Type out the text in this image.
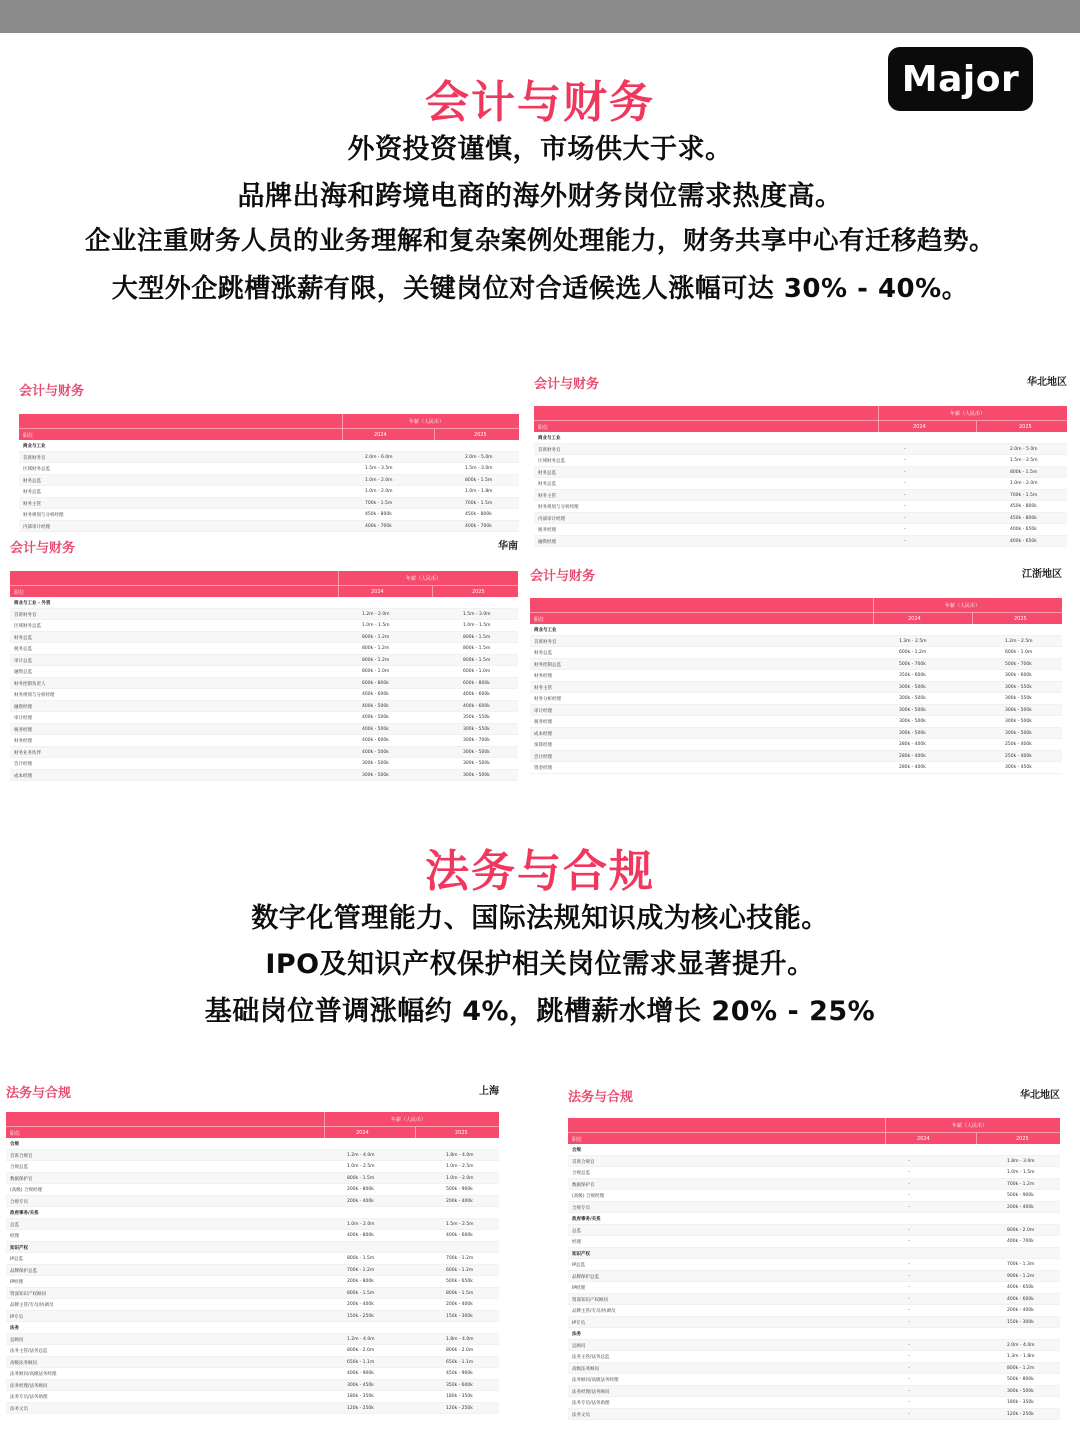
Major
会计与财务
外资投资谨慎，市场供大于求。
品牌出海和跨境电商的海外财务岗位需求热度高。
企业注重财务人员的业务理解和复杂案例处理能力，财务共享中心有迁移趋势。
大型外企跳槽涨薪有限，关键岗位对合适候选人涨幅可达 30% - 40%。
法务与合规
数字化管理能力、国际法规知识成为核心技能。
IPO及知识产权保护相关岗位需求显著提升。
基础岗位普调涨幅约 4%，跳槽薪水增长 20% - 25%
会计与财务
年薪（人民币）
职位	2024	2025
商业与工业
首席财务官	2.0m - 6.0m	2.0m - 5.0m
区域财务总监	1.5m - 3.5m	1.5m - 3.0m
财务总监	1.0m - 2.0m	800k - 1.5m
财务总监	1.0m - 2.0m	1.0m - 1.8m
财务主管	700k - 1.5m	700k - 1.5m
财务规划与分析经理	450k - 800k	450k - 800k
内部审计经理	400k - 700k	400k - 700k
会计与财务	华北地区
年薪（人民币）
职位	2024	2025
商业与工业
首席财务官	-	2.0m - 5.0m
区域财务总监	-	1.5m - 2.5m
财务总监	-	800k - 1.5m
财务总监	-	1.0m - 2.0m
财务主管	-	700k - 1.5m
财务规划与分析经理	-	450k - 800k
内部审计经理	-	450k - 800k
税务经理	-	400k - 650k
融资经理	-	400k - 650k
会计与财务	华南
年薪（人民币）
职位	2024	2025
商业与工业 - 外资
首席财务官	1.2m - 2.0m	1.5m - 3.0m
区域财务总监	1.0m - 1.5m	1.0m - 1.5m
财务总监	800k - 1.2m	800k - 1.5m
税务总监	800k - 1.2m	800k - 1.5m
审计总监	800k - 1.2m	800k - 1.5m
融资总监	800k - 1.0m	600k - 1.0m
财务控制负责人	600k - 800k	600k - 800k
财务规划与分析经理	400k - 600k	400k - 600k
融资经理	400k - 500k	400k - 600k
审计经理	400k - 500k	350k - 550k
税务经理	400k - 500k	300k - 550k
财务经理	400k - 600k	300k - 700k
财务业务伙伴	400k - 500k	300k - 500k
会计经理	300k - 500k	300k - 500k
成本经理	300k - 500k	300k - 500k
会计与财务	江浙地区
年薪（人民币）
职位	2024	2025
商业与工业
首席财务官	1.3m - 2.5m	1.2m - 2.5m
财务总监	600k - 1.2m	600k - 1.0m
财务控制总监	500k - 700k	500k - 700k
财务经理	350k - 600k	300k - 600k
财务主管	300k - 500k	300k - 550k
财务分析经理	300k - 500k	300k - 550k
审计经理	300k - 500k	300k - 500k
税务经理	300k - 500k	300k - 500k
成本经理	300k - 500k	300k - 500k
预算经理	280k - 400k	250k - 400k
会计经理	280k - 400k	250k - 400k
资金经理	280k - 400k	300k - 450k
法务与合规	上海
年薪（人民币）
职位	2024	2025
合规
首席合规官	1.2m - 4.0m	1.8m - 4.0m
合规总监	1.0m - 2.5m	1.0m - 2.5m
数据保护官	800k - 1.5m	1.0m - 2.0m
(高级) 合规经理	200k - 800k	500k - 900k
合规专员	200k - 400k	200k - 400k
政府事务/关系
总监	1.0m - 2.0m	1.5m - 2.5m
经理	400k - 800k	400k - 600k
知识产权
IP总监	800k - 1.5m	700k - 1.2m
品牌保护总监	700k - 1.2m	600k - 1.2m
IP经理	200k - 800k	500k - 650k
资深知识产权顾问	800k - 1.5m	800k - 1.5m
品牌主管/专员/协调员	200k - 400k	200k - 400k
IP专员	150k - 250k	150k - 300k
法务
总顾问	1.2m - 4.0m	1.8m - 4.0m
法务主管/法务总监	800k - 2.0m	800k - 2.0m
高级法务顾问	650k - 1.1m	650k - 1.1m
法务顾问/高级法务经理	400k - 900k	450k - 900k
法务经理/法务顾问	300k - 450k	350k - 600k
法务专员/法务助理	180k - 350k	180k - 350k
法务文员	120k - 250k	120k - 250k
法务与合规	华北地区
年薪（人民币）
职位	2024	2025
合规
首席合规官	-	1.8m - 3.0m
合规总监	-	1.0m - 1.5m
数据保护官	-	700k - 1.2m
(高级) 合规经理	-	500k - 900k
合规专员	-	200k - 400k
政府事务/关系
总监	-	800k - 2.0m
经理	-	400k - 700k
知识产权
IP总监	-	700k - 1.3m
品牌保护总监	-	900k - 1.2m
IP经理	-	400k - 650k
资深知识产权顾问	-	400k - 600k
品牌主管/专员/协调员	-	200k - 400k
IP专员	-	150k - 300k
法务
总顾问	-	2.0m - 4.0m
法务主管/法务总监	-	1.3m - 1.8m
高级法务顾问	-	800k - 1.2m
法务顾问/高级法务经理	-	500k - 800k
法务经理/法务顾问	-	300k - 500k
法务专员/法务助理	-	180k - 350k
法务文员	-	120k - 250k
